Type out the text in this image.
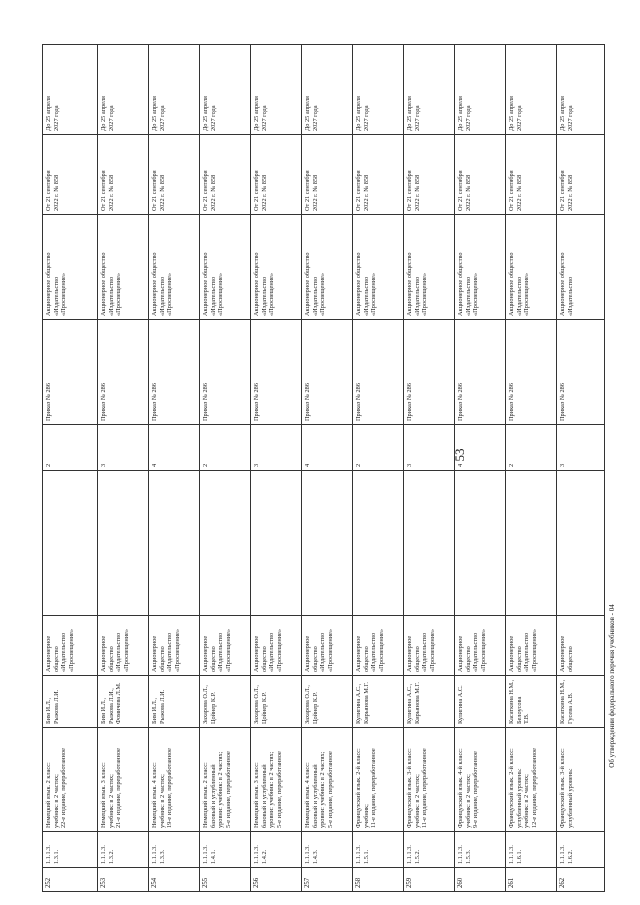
53
252	1.1.1.3.
1.3.1.	Немецкий язык. 2 класс:
учебник: в 2 частях;
22-е издание, переработанное	Бим И.Л.,
Рыжова Л.И.	Акционерное
общество
«Издательство
«Просвещение»		2	Приказ № 286	Акционерное общество
«Издательство
«Просвещение»	От 21 сентября
2022 г. № 858	До 25 апреля
2027 года
253	1.1.1.3.
1.3.2.	Немецкий язык. 3 класс:
учебник: в 2 частях;
21-е издание, переработанное	Бим И.Л.,
Рыжова Л.И.,
Фомичева Л.М.	Акционерное
общество
«Издательство
«Просвещение»		3	Приказ № 286	Акционерное общество
«Издательство
«Просвещение»	От 21 сентября
2022 г. № 858	До 25 апреля
2027 года
254	1.1.1.3.
1.3.3.	Немецкий язык. 4 класс:
учебник: в 2 частях;
19-е издание, переработанное	Бим И.Л.,
Рыжова Л.И.	Акционерное
общество
«Издательство
«Просвещение»		4	Приказ № 286	Акционерное общество
«Издательство
«Просвещение»	От 21 сентября
2022 г. № 858	До 25 апреля
2027 года
255	1.1.1.3.
1.4.1.	Немецкий язык. 2 класс:
базовый и углубленный
уровни: учебник: в 2 частях;
5-е издание, переработанное	Захарова О.Л.,
Цойнер К.Р.	Акционерное
общество
«Издательство
«Просвещение»		2	Приказ № 286	Акционерное общество
«Издательство
«Просвещение»	От 21 сентября
2022 г. № 858	До 25 апреля
2027 года
256	1.1.1.3.
1.4.2.	Немецкий язык. 3 класс:
базовый и углубленный
уровни: учебник: в 2 частях;
5-е издание, переработанное	Захарова О.Л.,
Цойнер К.Р.	Акционерное
общество
«Издательство
«Просвещение»		3	Приказ № 286	Акционерное общество
«Издательство
«Просвещение»	От 21 сентября
2022 г. № 858	До 25 апреля
2027 года
257	1.1.1.3.
1.4.3.	Немецкий язык. 4 класс:
базовый и углубленный
уровни: учебник: в 2 частях;
5-е издание, переработанное	Захарова О.Л.,
Цойнер К.Р.	Акционерное
общество
«Издательство
«Просвещение»		4	Приказ № 286	Акционерное общество
«Издательство
«Просвещение»	От 21 сентября
2022 г. № 858	До 25 апреля
2027 года
258	1.1.1.3.
1.5.1.	Французский язык. 2-й класс:
учебник;
11-е издание, переработанное	Кулигина А.С.,
Кирьянова М.Г.	Акционерное
общество
«Издательство
«Просвещение»		2	Приказ № 286	Акционерное общество
«Издательство
«Просвещение»	От 21 сентября
2022 г. № 858	До 25 апреля
2027 года
259	1.1.1.3.
1.5.2.	Французский язык. 3-й класс:
учебник: в 2 частях;
11-е издание, переработанное	Кулигина А.С.,
Кирьянова М.Г.	Акционерное
общество
«Издательство
«Просвещение»		3	Приказ № 286	Акционерное общество
«Издательство
«Просвещение»	От 21 сентября
2022 г. № 858	До 25 апреля
2027 года
260	1.1.1.3.
1.5.3.	Французский язык. 4-й класс:
учебник: в 2 частях;
9-е издание, переработанное	Кулигина А.С.	Акционерное
общество
«Издательство
«Просвещение»		4	Приказ № 286	Акционерное общество
«Издательство
«Просвещение»	От 21 сентября
2022 г. № 858	До 25 апреля
2027 года
261	1.1.1.3.
1.6.1.	Французский язык. 2-й класс:
углубленный уровень:
учебник: в 2 частях;
12-е издание, переработанное	Касаткина Н.М.,
Белоусова
Т.В.	Акционерное
общество
«Издательство
«Просвещение»		2	Приказ № 286	Акционерное общество
«Издательство
«Просвещение»	От 21 сентября
2022 г. № 858	До 25 апреля
2027 года
262	1.1.1.3.
1.6.2.	Французский язык. 3-й класс:
углубленный уровень:	Касаткина Н.М.,
Гусева А.В.	Акционерное
общество		3	Приказ № 286	Акционерное общество
«Издательство	От 21 сентября
2022 г. № 858	До 25 апреля
2027 года
Об утверждении федерального перечня учебников - 04
